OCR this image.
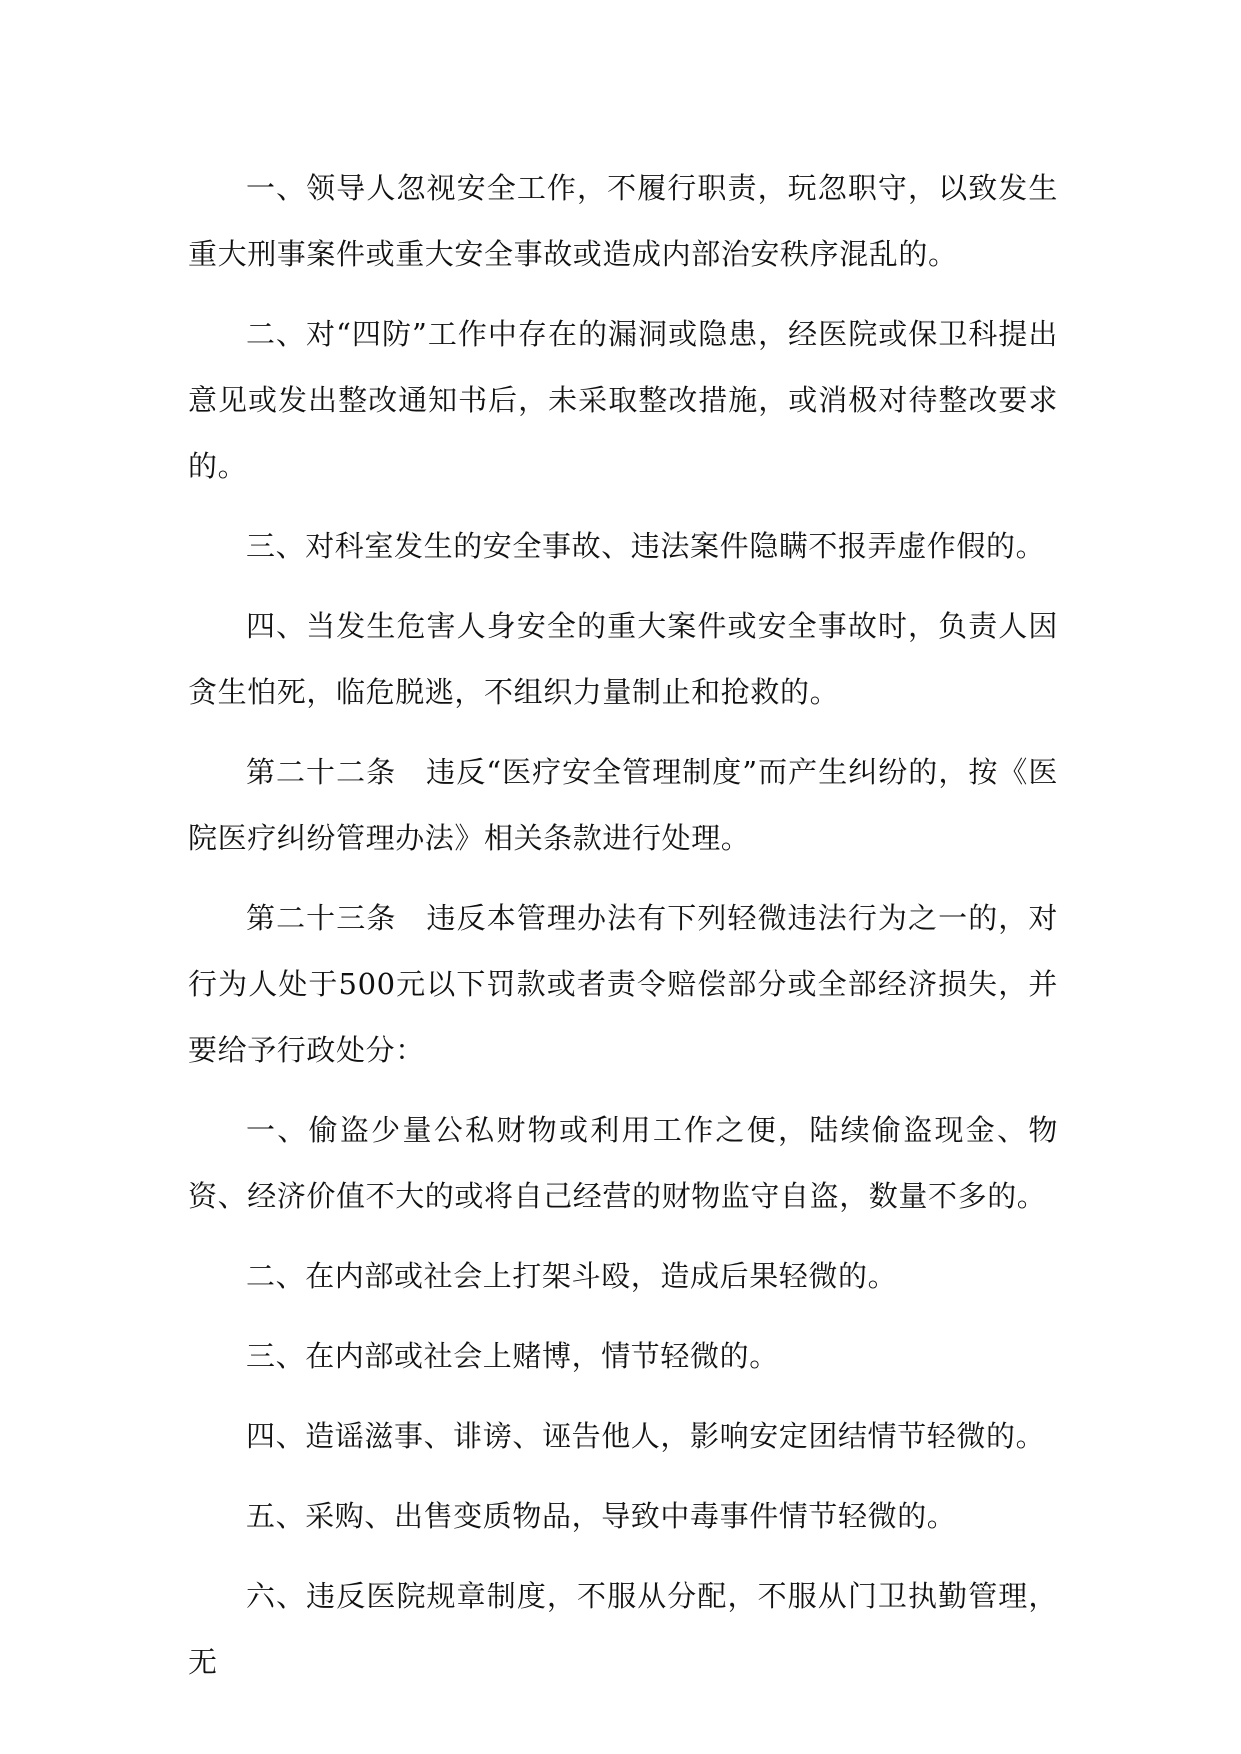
一、领导人忽视安全工作，不履行职责，玩忽职守，以致发生重大刑事案件或重大安全事故或造成内部治安秩序混乱的。

二、对“四防”工作中存在的漏洞或隐患，经医院或保卫科提出意见或发出整改通知书后，未采取整改措施，或消极对待整改要求的。

三、对科室发生的安全事故、违法案件隐瞒不报弄虚作假的。

四、当发生危害人身安全的重大案件或安全事故时，负责人因贪生怕死，临危脱逃，不组织力量制止和抢救的。

第二十二条　违反“医疗安全管理制度”而产生纠纷的，按《医院医疗纠纷管理办法》相关条款进行处理。

第二十三条　违反本管理办法有下列轻微违法行为之一的，对行为人处于500元以下罚款或者责令赔偿部分或全部经济损失，并要给予行政处分：

一、偷盗少量公私财物或利用工作之便，陆续偷盗现金、物资、经济价值不大的或将自己经营的财物监守自盗，数量不多的。

二、在内部或社会上打架斗殴，造成后果轻微的。

三、在内部或社会上赌博，情节轻微的。

四、造谣滋事、诽谤、诬告他人，影响安定团结情节轻微的。

五、采购、出售变质物品，导致中毒事件情节轻微的。

六、违反医院规章制度，不服从分配，不服从门卫执勤管理，无
